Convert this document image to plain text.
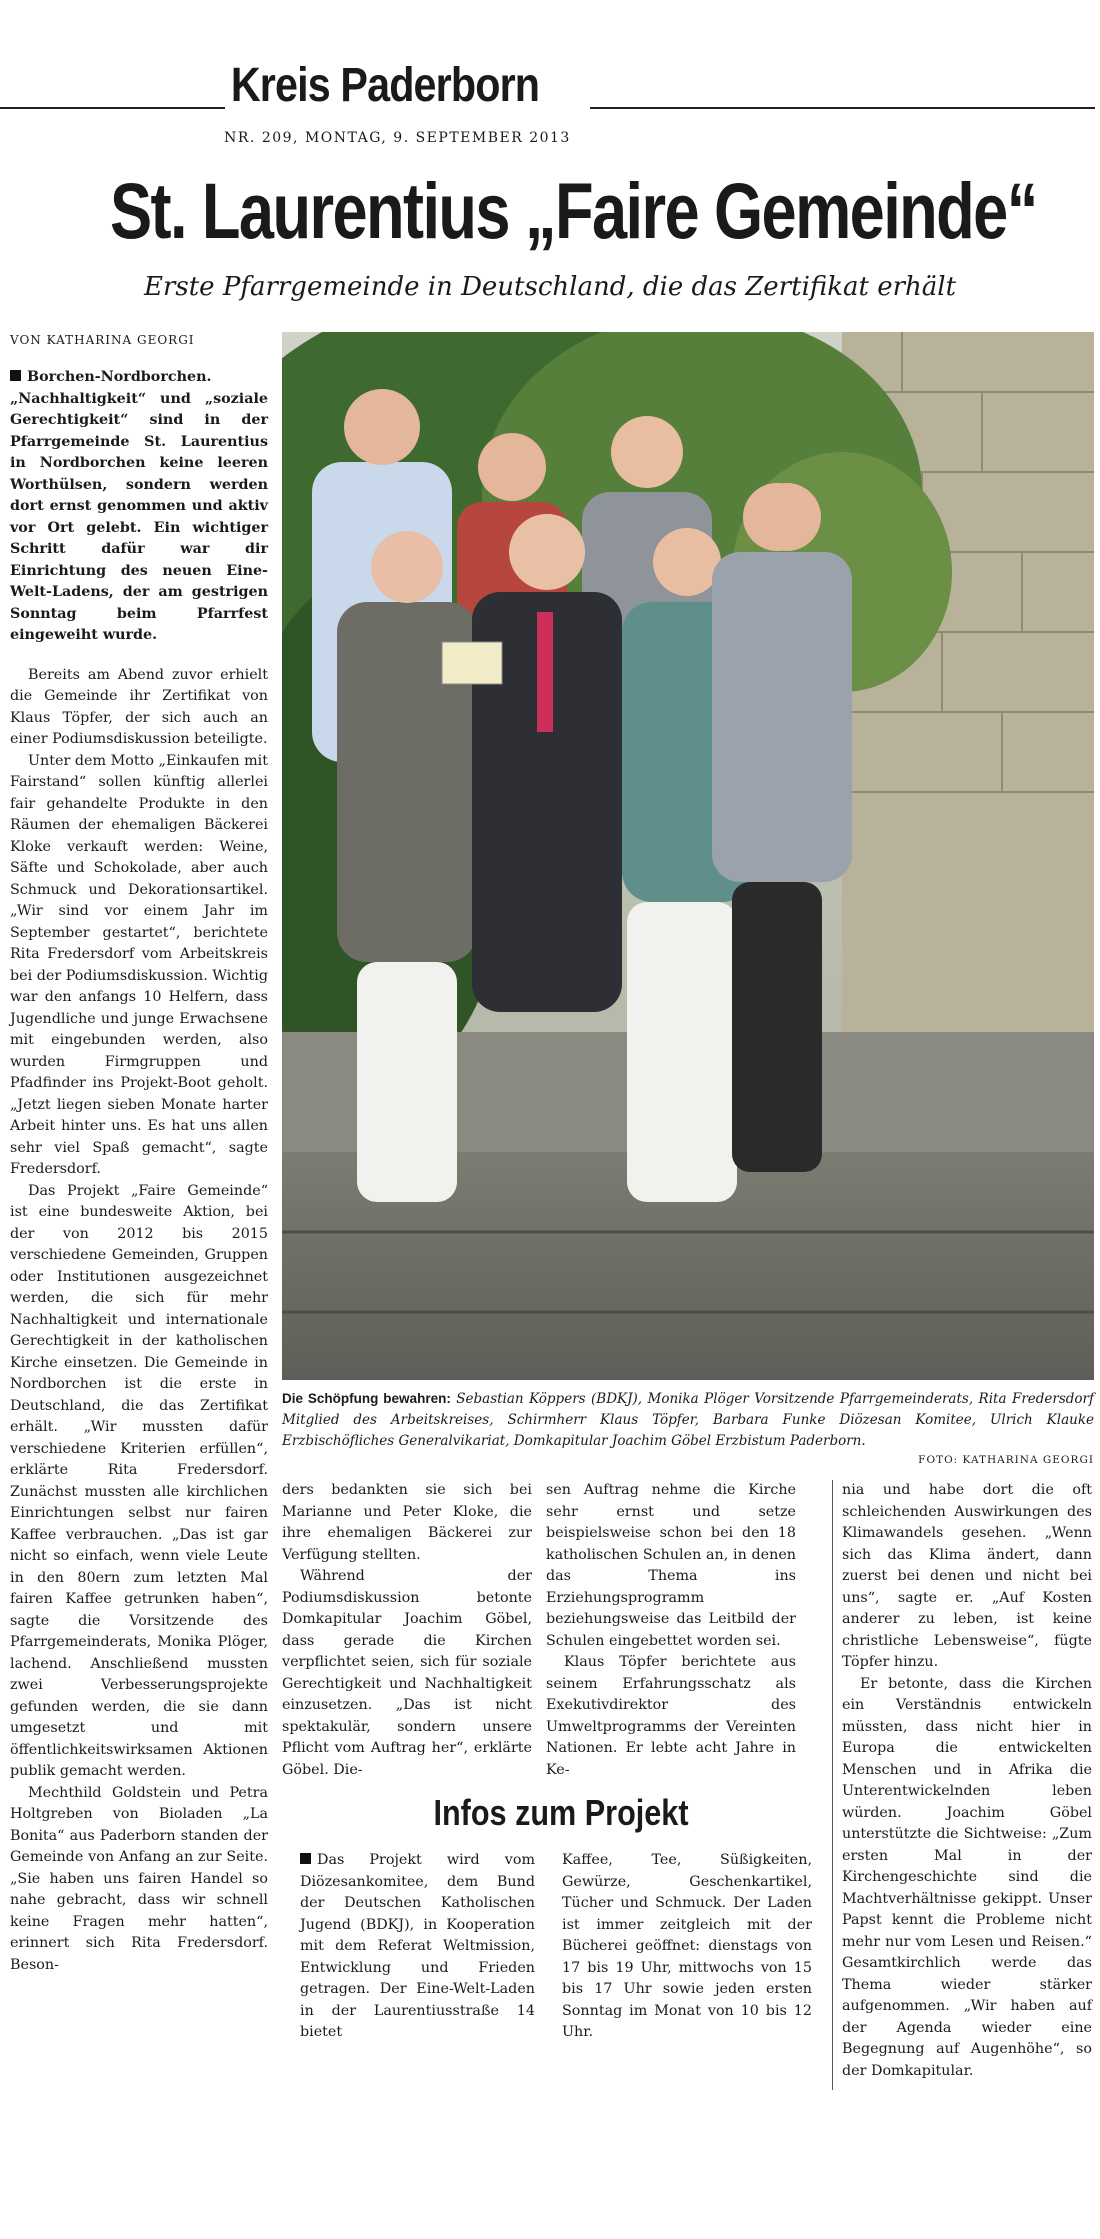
Kreis Paderborn
NR. 209, MONTAG, 9. SEPTEMBER 2013
St. Laurentius „Faire Gemeinde“
Erste Pfarrgemeinde in Deutschland, die das Zertifikat erhält
VON KATHARINA GEORGI

Borchen-Nordborchen. „Nachhaltigkeit“ und „soziale Gerechtigkeit“ sind in der Pfarrgemeinde St. Laurentius in Nordborchen keine leeren Worthülsen, sondern werden dort ernst genommen und aktiv vor Ort gelebt. Ein wichtiger Schritt dafür war dir Einrichtung des neuen Eine-Welt-Ladens, der am gestrigen Sonntag beim Pfarrfest eingeweiht wurde.

Bereits am Abend zuvor erhielt die Gemeinde ihr Zertifikat von Klaus Töpfer, der sich auch an einer Podiumsdiskussion beteiligte.

Unter dem Motto „Einkaufen mit Fairstand“ sollen künftig allerlei fair gehandelte Produkte in den Räumen der ehemaligen Bäckerei Kloke verkauft werden: Weine, Säfte und Schokolade, aber auch Schmuck und Dekorationsartikel. „Wir sind vor einem Jahr im September gestartet“, berichtete Rita Fredersdorf vom Arbeitskreis bei der Podiumsdiskussion. Wichtig war den anfangs 10 Helfern, dass Jugendliche und junge Erwachsene mit eingebunden werden, also wurden Firmgruppen und Pfadfinder ins Projekt-Boot geholt. „Jetzt liegen sieben Monate harter Arbeit hinter uns. Es hat uns allen sehr viel Spaß gemacht“, sagte Fredersdorf.

Das Projekt „Faire Gemeinde“ ist eine bundesweite Aktion, bei der von 2012 bis 2015 verschiedene Gemeinden, Gruppen oder Institutionen ausgezeichnet werden, die sich für mehr Nachhaltigkeit und internationale Gerechtigkeit in der katholischen Kirche einsetzen. Die Gemeinde in Nordborchen ist die erste in Deutschland, die das Zertifikat erhält. „Wir mussten dafür verschiedene Kriterien erfüllen“, erklärte Rita Fredersdorf. Zunächst mussten alle kirchlichen Einrichtungen selbst nur fairen Kaffee verbrauchen. „Das ist gar nicht so einfach, wenn viele Leute in den 80ern zum letzten Mal fairen Kaffee getrunken haben“, sagte die Vorsitzende des Pfarrgemeinderats, Monika Plöger, lachend. Anschließend mussten zwei Verbesserungsprojekte gefunden werden, die sie dann umgesetzt und mit öffentlichkeitswirksamen Aktionen publik gemacht werden.

Mechthild Goldstein und Petra Holtgreben von Bioladen „La Bonita“ aus Paderborn standen der Gemeinde von Anfang an zur Seite. „Sie haben uns fairen Handel so nahe gebracht, dass wir schnell keine Fragen mehr hatten“, erinnert sich Rita Fredersdorf. Beson-

Die Schöpfung bewahren: Sebastian Köppers (BDKJ), Monika Plöger Vorsitzende Pfarrgemeinderats, Rita Fredersdorf Mitglied des Arbeitskreises, Schirmherr Klaus Töpfer, Barbara Funke Diözesan Komitee, Ulrich Klauke Erzbischöfliches Generalvikariat, Domkapitular Joachim Göbel Erzbistum Paderborn.
FOTO: KATHARINA GEORGI

ders bedankten sie sich bei Marianne und Peter Kloke, die ihre ehemaligen Bäckerei zur Verfügung stellten.

Während der Podiumsdiskussion betonte Domkapitular Joachim Göbel, dass gerade die Kirchen verpflichtet seien, sich für soziale Gerechtigkeit und Nachhaltigkeit einzusetzen. „Das ist nicht spektakulär, sondern unsere Pflicht vom Auftrag her“, erklärte Göbel. Die-

sen Auftrag nehme die Kirche sehr ernst und setze beispielsweise schon bei den 18 katholischen Schulen an, in denen das Thema ins Erziehungsprogramm beziehungsweise das Leitbild der Schulen eingebettet worden sei.

Klaus Töpfer berichtete aus seinem Erfahrungsschatz als Exekutivdirektor des Umweltprogramms der Vereinten Nationen. Er lebte acht Jahre in Ke-

nia und habe dort die oft schleichenden Auswirkungen des Klimawandels gesehen. „Wenn sich das Klima ändert, dann zuerst bei denen und nicht bei uns“, sagte er. „Auf Kosten anderer zu leben, ist keine christliche Lebensweise“, fügte Töpfer hinzu.

Er betonte, dass die Kirchen ein Verständnis entwickeln müssten, dass nicht hier in Europa die entwickelten Menschen und in Afrika die Unterentwickelnden leben würden. Joachim Göbel unterstützte die Sichtweise: „Zum ersten Mal in der Kirchengeschichte sind die Machtverhältnisse gekippt. Unser Papst kennt die Probleme nicht mehr nur vom Lesen und Reisen.“ Gesamtkirchlich werde das Thema wieder stärker aufgenommen. „Wir haben auf der Agenda wieder eine Begegnung auf Augenhöhe“, so der Domkapitular.

Infos zum Projekt

Das Projekt wird vom Diözesankomitee, dem Bund der Deutschen Katholischen Jugend (BDKJ), in Kooperation mit dem Referat Weltmission, Entwicklung und Frieden getragen. Der Eine-Welt-Laden in der Laurentiusstraße 14 bietet

Kaffee, Tee, Süßigkeiten, Gewürze, Geschenkartikel, Tücher und Schmuck. Der Laden ist immer zeitgleich mit der Bücherei geöffnet: dienstags von 17 bis 19 Uhr, mittwochs von 15 bis 17 Uhr sowie jeden ersten Sonntag im Monat von 10 bis 12 Uhr.
